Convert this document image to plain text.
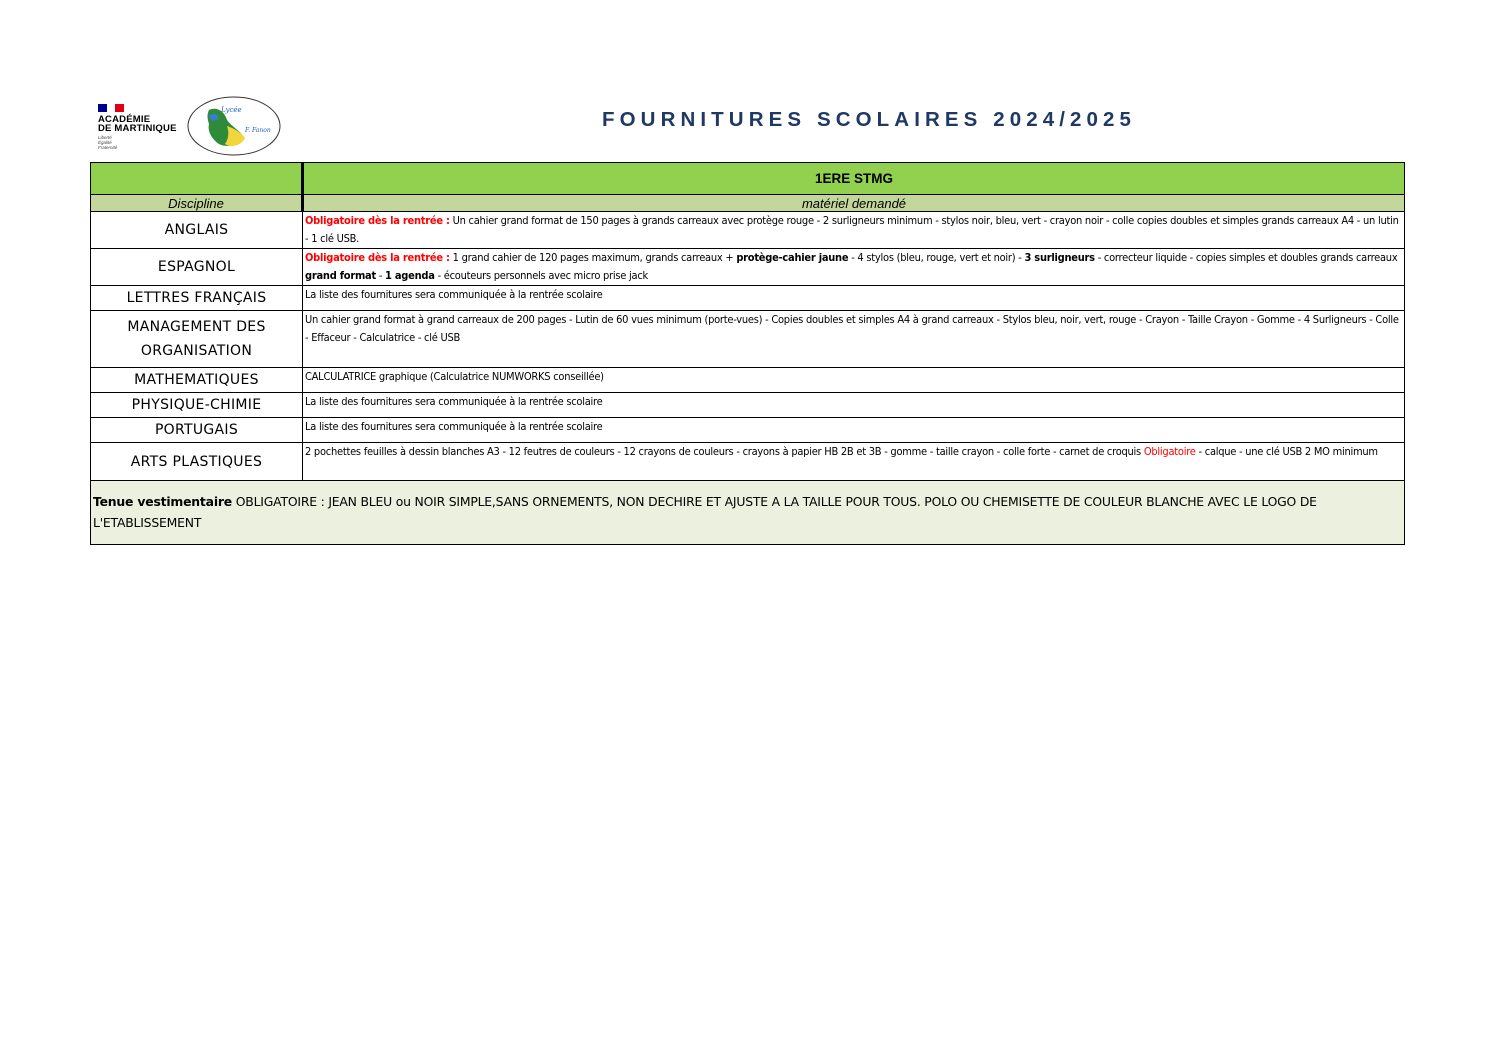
ACADÉMIE
DE MARTINIQUE
Liberté
Égalité
Fraternité
Lycée
F. Fanon	FOURNITURES SCOLAIRES 2024/2025
	1ERE STMG
Discipline	matériel demandé
ANGLAIS	Obligatoire dès la rentrée : Un cahier grand format de 150 pages à grands carreaux avec protège rouge - 2 surligneurs minimum - stylos noir, bleu, vert - crayon noir - colle copies doubles et simples grands carreaux A4 - un lutin - 1 clé USB.
ESPAGNOL	Obligatoire dès la rentrée : 1 grand cahier de 120 pages maximum, grands carreaux + protège-cahier jaune - 4 stylos (bleu, rouge, vert et noir) - 3 surligneurs - correcteur liquide - copies simples et doubles grands carreaux grand format - 1 agenda - écouteurs personnels avec micro prise jack
LETTRES FRANÇAIS	La liste des fournitures sera communiquée à la rentrée scolaire
MANAGEMENT DES ORGANISATION	Un cahier grand format à grand carreaux de 200 pages - Lutin de 60 vues minimum (porte-vues) - Copies doubles et simples A4 à grand carreaux - Stylos bleu, noir, vert, rouge - Crayon - Taille Crayon - Gomme - 4 Surligneurs - Colle - Effaceur - Calculatrice - clé USB
MATHEMATIQUES	CALCULATRICE graphique (Calculatrice NUMWORKS conseillée)
PHYSIQUE-CHIMIE	La liste des fournitures sera communiquée à la rentrée scolaire
PORTUGAIS	La liste des fournitures sera communiquée à la rentrée scolaire
ARTS PLASTIQUES	2 pochettes feuilles à dessin blanches A3 - 12 feutres de couleurs - 12 crayons de couleurs - crayons à papier HB 2B et 3B - gomme - taille crayon - colle forte - carnet de croquis Obligatoire - calque - une clé USB 2 MO minimum

Tenue vestimentaire OBLIGATOIRE : JEAN BLEU ou NOIR SIMPLE,SANS ORNEMENTS, NON DECHIRE ET AJUSTE A LA TAILLE POUR TOUS. POLO OU CHEMISETTE DE COULEUR BLANCHE AVEC LE LOGO DE L'ETABLISSEMENT	
